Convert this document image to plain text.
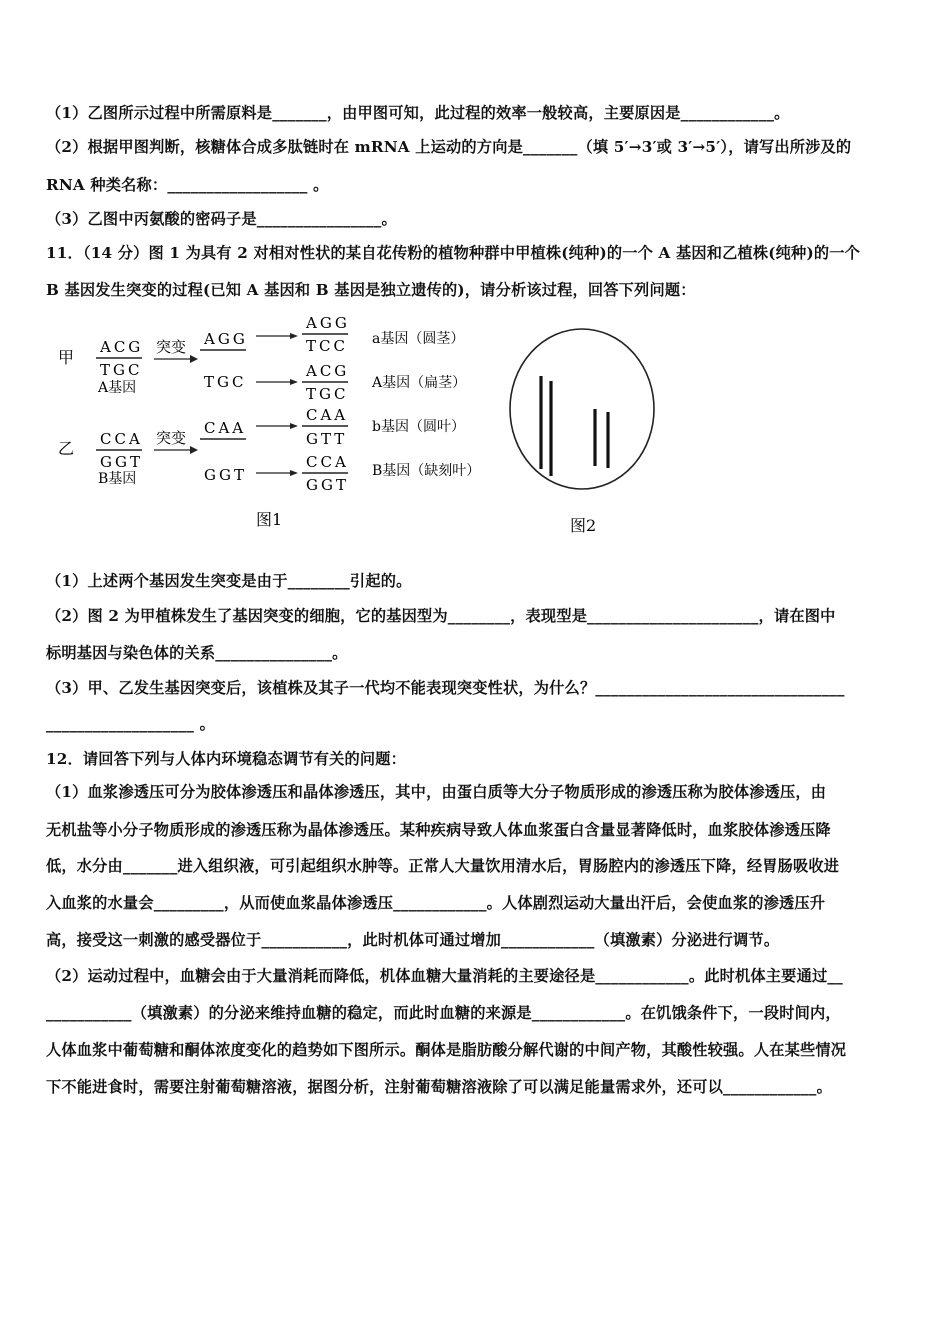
（1）乙图所示过程中所需原料是_______，由甲图可知，此过程的效率一般较高，主要原因是____________。
（2）根据甲图判断，核糖体合成多肽链时在 mRNA 上运动的方向是_______（填 5′→3′或 3′→5′），请写出所涉及的
RNA 种类名称：__________________ 。
（3）乙图中丙氨酸的密码子是________________。
11．（14 分）图 1 为具有 2 对相对性状的某自花传粉的植物种群中甲植株(纯种)的一个 A 基因和乙植株(纯种)的一个
B 基因发生突变的过程(已知 A 基因和 B 基因是独立遗传的)，请分析该过程，回答下列问题：
甲
ACG
TGC
A基因
突变 AGG
AGG
TCC a基因（圆茎）
TGC
ACG
TGC
A基因（扁茎）
乙 CCA
GGT
B基因
突变
CAA
CAA
GTT
b基因（圆叶）
GGT
CCA
GGT
B基因（缺刻叶）
图1	图2
（1）上述两个基因发生突变是由于________引起的。
（2）图 2 为甲植株发生了基因突变的细胞，它的基因型为________，表现型是______________________，请在图中
标明基因与染色体的关系_______________。
（3）甲、乙发生基因突变后，该植株及其子一代均不能表现突变性状，为什么？________________________________
___________________ 。
12．请回答下列与人体内环境稳态调节有关的问题：
（1）血浆渗透压可分为胶体渗透压和晶体渗透压，其中，由蛋白质等大分子物质形成的渗透压称为胶体渗透压，由
无机盐等小分子物质形成的渗透压称为晶体渗透压。某种疾病导致人体血浆蛋白含量显著降低时，血浆胶体渗透压降
低，水分由_______进入组织液，可引起组织水肿等。正常人大量饮用清水后，胃肠腔内的渗透压下降，经胃肠吸收进
入血浆的水量会_________，从而使血浆晶体渗透压____________。人体剧烈运动大量出汗后，会使血浆的渗透压升
高，接受这一刺激的感受器位于___________，此时机体可通过增加____________（填激素）分泌进行调节。
（2）运动过程中，血糖会由于大量消耗而降低，机体血糖大量消耗的主要途径是____________。此时机体主要通过__
___________（填激素）的分泌来维持血糖的稳定，而此时血糖的来源是____________。在饥饿条件下，一段时间内，
人体血浆中葡萄糖和酮体浓度变化的趋势如下图所示。酮体是脂肪酸分解代谢的中间产物，其酸性较强。人在某些情况
下不能进食时，需要注射葡萄糖溶液，据图分析，注射葡萄糖溶液除了可以满足能量需求外，还可以____________。
